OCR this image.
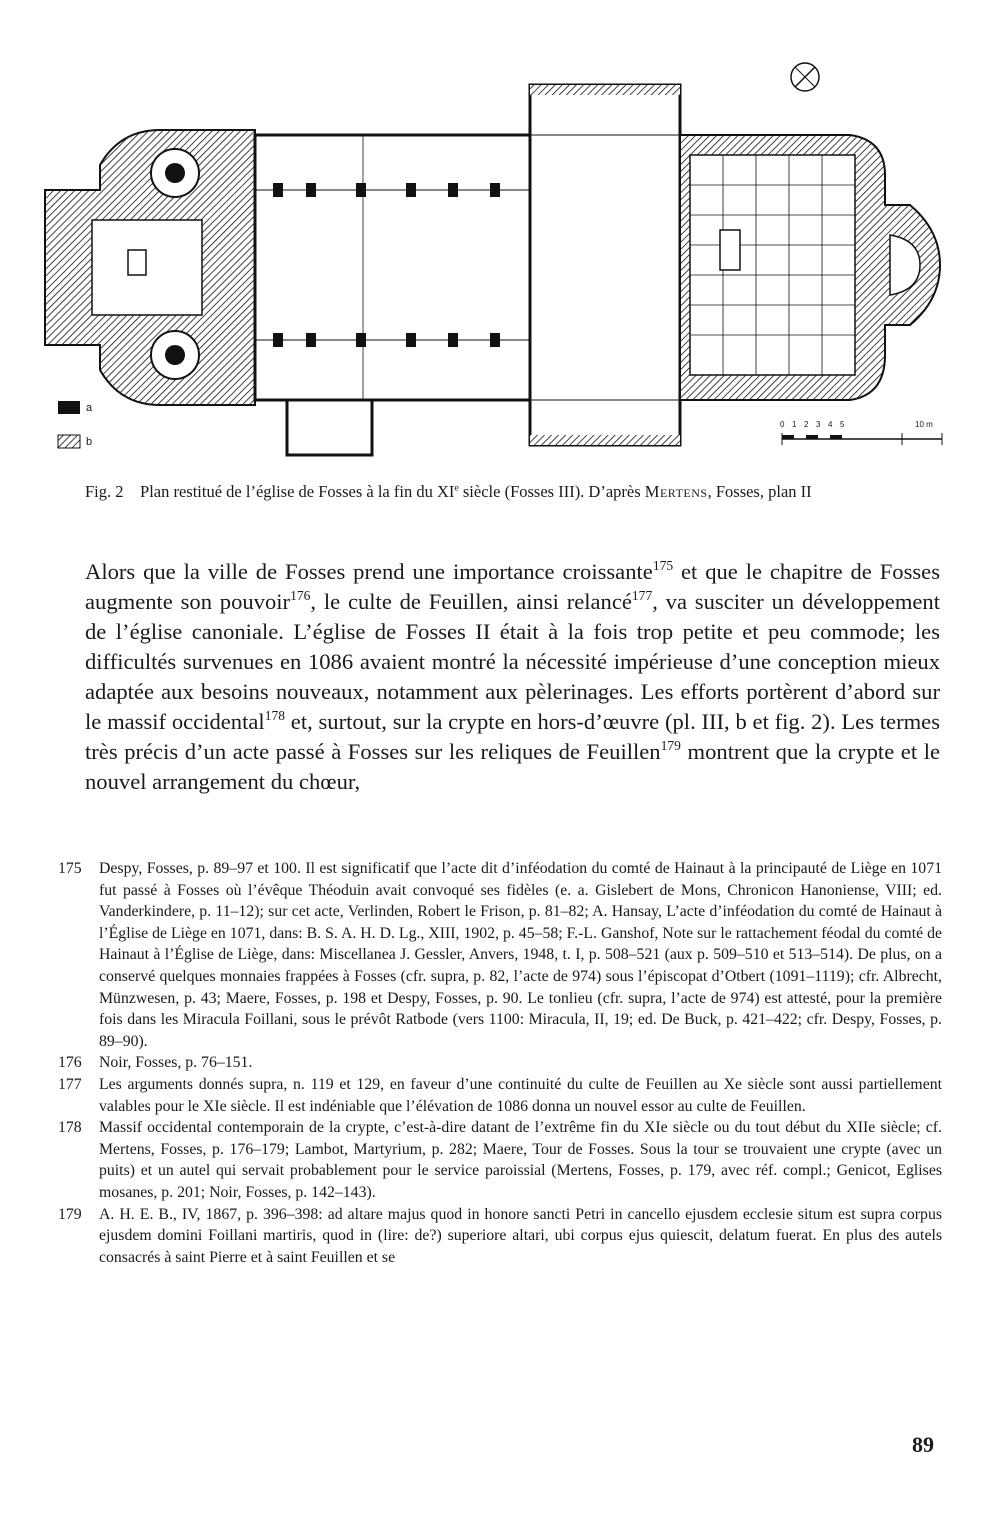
a
b
0 1 2 3 4 5	10 m
Fig. 2 Plan restitué de l’église de Fosses à la fin du XIe siècle (Fosses III). D’après Mertens, Fosses, plan II

Alors que la ville de Fosses prend une importance croissante$^{175}$ et que le chapitre de Fosses augmente son pouvoir$^{176}$, le culte de Feuillen, ainsi relancé$^{177}$, va susciter un développement de l’église canoniale. L’église de Fosses II était à la fois trop petite et peu commode; les difficultés survenues en 1086 avaient montré la nécessité impérieuse d’une conception mieux adaptée aux besoins nouveaux, notamment aux pèlerinages. Les efforts portèrent d’abord sur le massif occidental$^{178}$ et, surtout, sur la crypte en hors-d’œuvre (pl. III, b et fig. 2). Les termes très précis d’un acte passé à Fosses sur les reliques de Feuillen$^{179}$ montrent que la crypte et le nouvel arrangement du chœur,

175	Despy, Fosses, p. 89–97 et 100. Il est significatif que l’acte dit d’inféodation du comté de Hainaut à la principauté de Liège en 1071 fut passé à Fosses où l’évêque Théoduin avait convoqué ses fidèles (e. a. Gislebert de Mons, Chronicon Hanoniense, VIII; ed. Vanderkindere, p. 11–12); sur cet acte, Verlinden, Robert le Frison, p. 81–82; A. Hansay, L’acte d’inféodation du comté de Hainaut à l’Église de Liège en 1071, dans: B. S. A. H. D. Lg., XIII, 1902, p. 45–58; F.-L. Ganshof, Note sur le rattachement féodal du comté de Hainaut à l’Église de Liège, dans: Miscellanea J. Gessler, Anvers, 1948, t. I, p. 508–521 (aux p. 509–510 et 513–514). De plus, on a conservé quelques monnaies frappées à Fosses (cfr. supra, p. 82, l’acte de 974) sous l’épiscopat d’Otbert (1091–1119); cfr. Albrecht, Münzwesen, p. 43; Maere, Fosses, p. 198 et Despy, Fosses, p. 90. Le tonlieu (cfr. supra, l’acte de 974) est attesté, pour la première fois dans les Miracula Foillani, sous le prévôt Ratbode (vers 1100: Miracula, II, 19; ed. De Buck, p. 421–422; cfr. Despy, Fosses, p. 89–90).
176	Noir, Fosses, p. 76–151.
177	Les arguments donnés supra, n. 119 et 129, en faveur d’une continuité du culte de Feuillen au Xe siècle sont aussi partiellement valables pour le XIe siècle. Il est indéniable que l’élévation de 1086 donna un nouvel essor au culte de Feuillen.
178	Massif occidental contemporain de la crypte, c’est-à-dire datant de l’extrême fin du XIe siècle ou du tout début du XIIe siècle; cf. Mertens, Fosses, p. 176–179; Lambot, Martyrium, p. 282; Maere, Tour de Fosses. Sous la tour se trouvaient une crypte (avec un puits) et un autel qui servait probablement pour le service paroissial (Mertens, Fosses, p. 179, avec réf. compl.; Genicot, Eglises mosanes, p. 201; Noir, Fosses, p. 142–143).
179	A. H. E. B., IV, 1867, p. 396–398: ad altare majus quod in honore sancti Petri in cancello ejusdem ecclesie situm est supra corpus ejusdem domini Foillani martiris, quod in (lire: de?) superiore altari, ubi corpus ejus quiescit, delatum fuerat. En plus des autels consacrés à saint Pierre et à saint Feuillen et se
89
